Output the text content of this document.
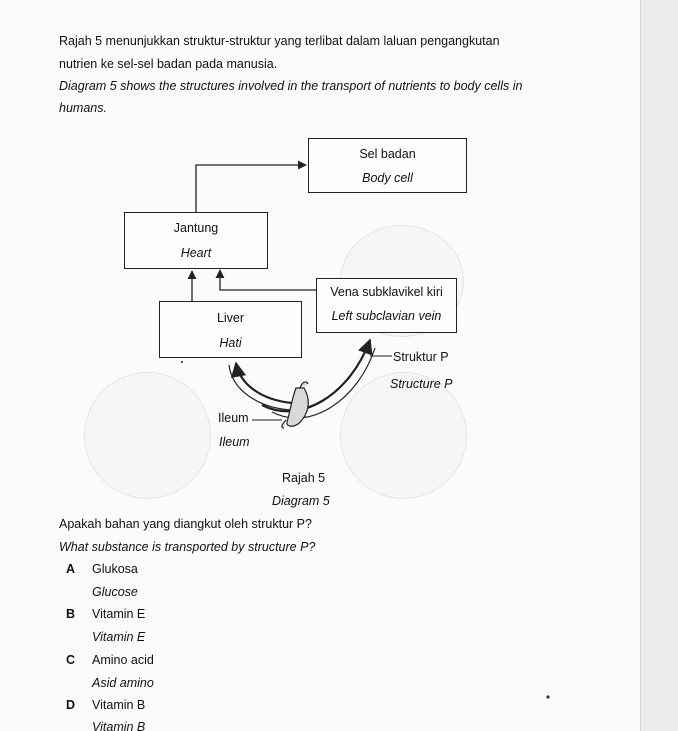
Rajah 5 menunjukkan struktur-struktur yang terlibat dalam laluan pengangkutan
nutrien ke sel-sel badan pada manusia.
Diagram 5 shows the structures involved in the transport of nutrients to body cells in
humans.
Sel badan
Body cell
Jantung
Heart
Vena subklavikel kiri
Left subclavian vein
Liver
Hati
Struktur P
Structure P
Ileum
Ileum
Rajah 5
Diagram 5
Apakah bahan yang diangkut oleh struktur P?
What substance is transported by structure P?
A Glukosa
Glucose
B Vitamin E
Vitamin E
C Amino acid
Asid amino
D Vitamin B
Vitamin B
